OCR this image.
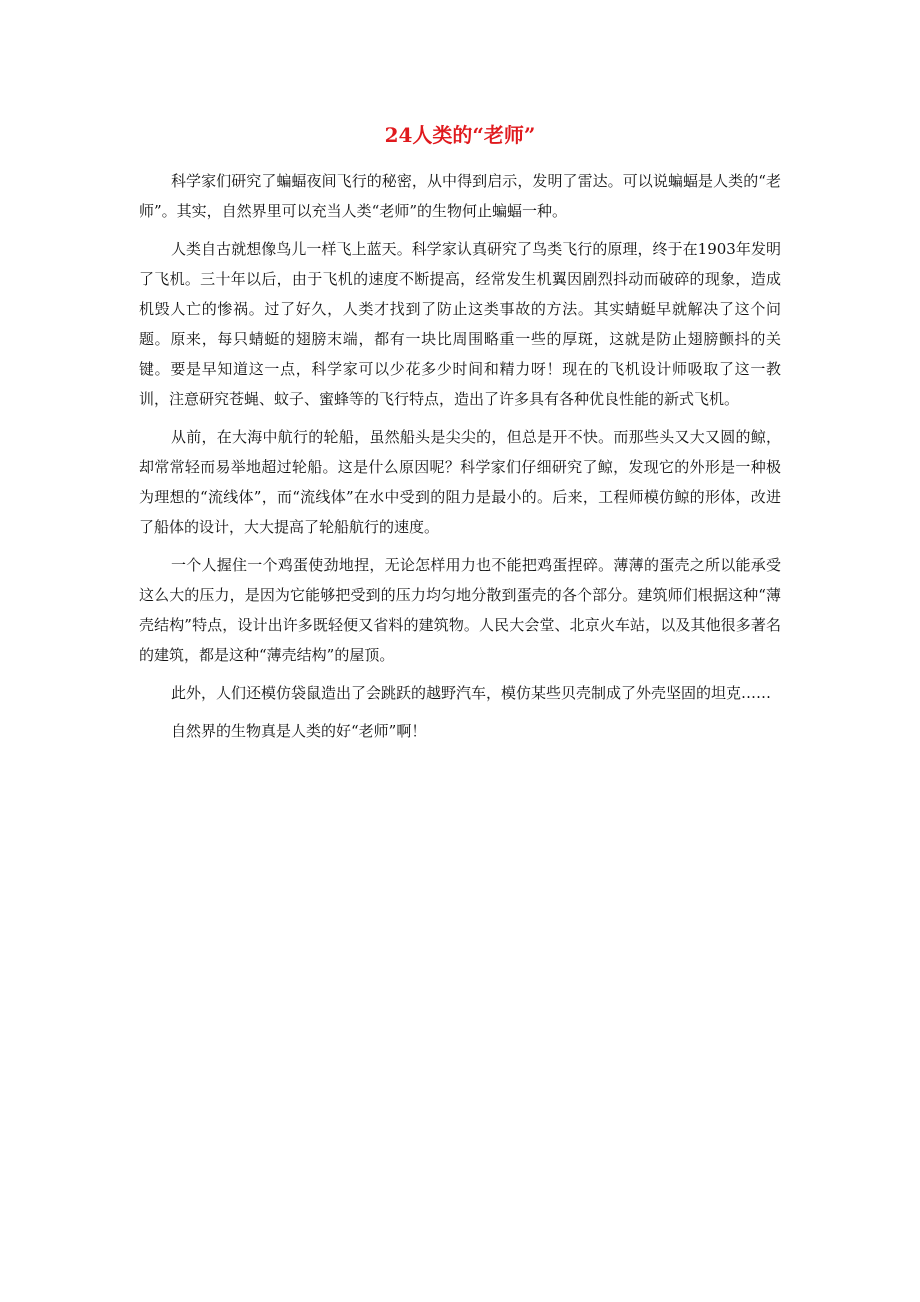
24人类的“老师”

科学家们研究了蝙蝠夜间飞行的秘密，从中得到启示，发明了雷达。可以说蝙蝠是人类的“老师”。其实，自然界里可以充当人类“老师”的生物何止蝙蝠一种。

人类自古就想像鸟儿一样飞上蓝天。科学家认真研究了鸟类飞行的原理，终于在1903年发明了飞机。三十年以后，由于飞机的速度不断提高，经常发生机翼因剧烈抖动而破碎的现象，造成机毁人亡的惨祸。过了好久，人类才找到了防止这类事故的方法。其实蜻蜓早就解决了这个问题。原来，每只蜻蜓的翅膀末端，都有一块比周围略重一些的厚斑，这就是防止翅膀颤抖的关键。要是早知道这一点，科学家可以少花多少时间和精力呀！现在的飞机设计师吸取了这一教训，注意研究苍蝇、蚊子、蜜蜂等的飞行特点，造出了许多具有各种优良性能的新式飞机。

从前，在大海中航行的轮船，虽然船头是尖尖的，但总是开不快。而那些头又大又圆的鲸，却常常轻而易举地超过轮船。这是什么原因呢？科学家们仔细研究了鲸，发现它的外形是一种极为理想的“流线体”，而“流线体”在水中受到的阻力是最小的。后来，工程师模仿鲸的形体，改进了船体的设计，大大提高了轮船航行的速度。

一个人握住一个鸡蛋使劲地捏，无论怎样用力也不能把鸡蛋捏碎。薄薄的蛋壳之所以能承受这么大的压力，是因为它能够把受到的压力均匀地分散到蛋壳的各个部分。建筑师们根据这种“薄壳结构”特点，设计出许多既轻便又省料的建筑物。人民大会堂、北京火车站，以及其他很多著名的建筑，都是这种“薄壳结构”的屋顶。

此外，人们还模仿袋鼠造出了会跳跃的越野汽车，模仿某些贝壳制成了外壳坚固的坦克……

自然界的生物真是人类的好“老师”啊！
